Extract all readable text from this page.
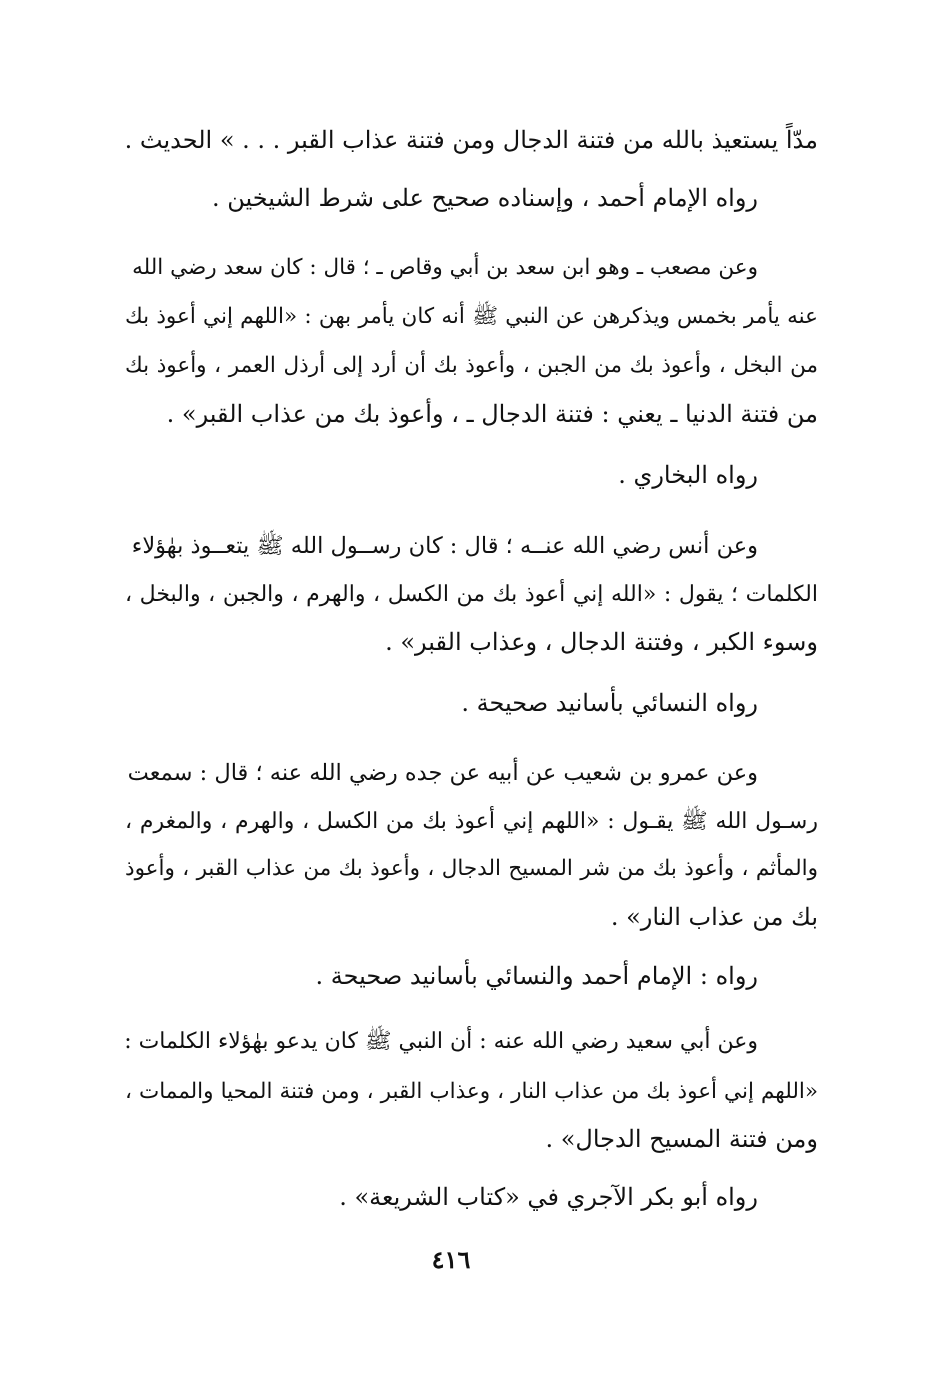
مدّاً يستعيذ بالله من فتنة الدجال ومن فتنة عذاب القبر . . . » الحديث .
رواه الإمام أحمد ، وإسناده صحيح على شرط الشيخين .
وعن مصعب ـ وهو ابن سعد بن أبي وقاص ـ ؛ قال : كان سعد رضي الله
عنه يأمر بخمس ويذكرهن عن النبي ﷺ أنه كان يأمر بهن : «اللهم إني أعوذ بك
من البخل ، وأعوذ بك من الجبن ، وأعوذ بك أن أرد إلى أرذل العمر ، وأعوذ بك
من فتنة الدنيا ـ يعني : فتنة الدجال ـ ، وأعوذ بك من عذاب القبر» .
رواه البخاري .
وعن أنس رضي الله عنــه ؛ قال : كان رســول الله ﷺ يتعــوذ بهٰؤلاء
الكلمات ؛ يقول : «الله إني أعوذ بك من الكسل ، والهرم ، والجبن ، والبخل ،
وسوء الكبر ، وفتنة الدجال ، وعذاب القبر» .
رواه النسائي بأسانيد صحيحة .
وعن عمرو بن شعيب عن أبيه عن جده رضي الله عنه ؛ قال : سمعت
رسـول الله ﷺ يقـول : «اللهم إني أعوذ بك من الكسل ، والهرم ، والمغرم ،
والمأثم ، وأعوذ بك من شر المسيح الدجال ، وأعوذ بك من عذاب القبر ، وأعوذ
بك من عذاب النار» .
رواه : الإمام أحمد والنسائي بأسانيد صحيحة .
وعن أبي سعيد رضي الله عنه : أن النبي ﷺ كان يدعو بهٰؤلاء الكلمات :
«اللهم إني أعوذ بك من عذاب النار ، وعذاب القبر ، ومن فتنة المحيا والممات ،
ومن فتنة المسيح الدجال» .
رواه أبو بكر الآجري في «كتاب الشريعة» .
٤١٦
